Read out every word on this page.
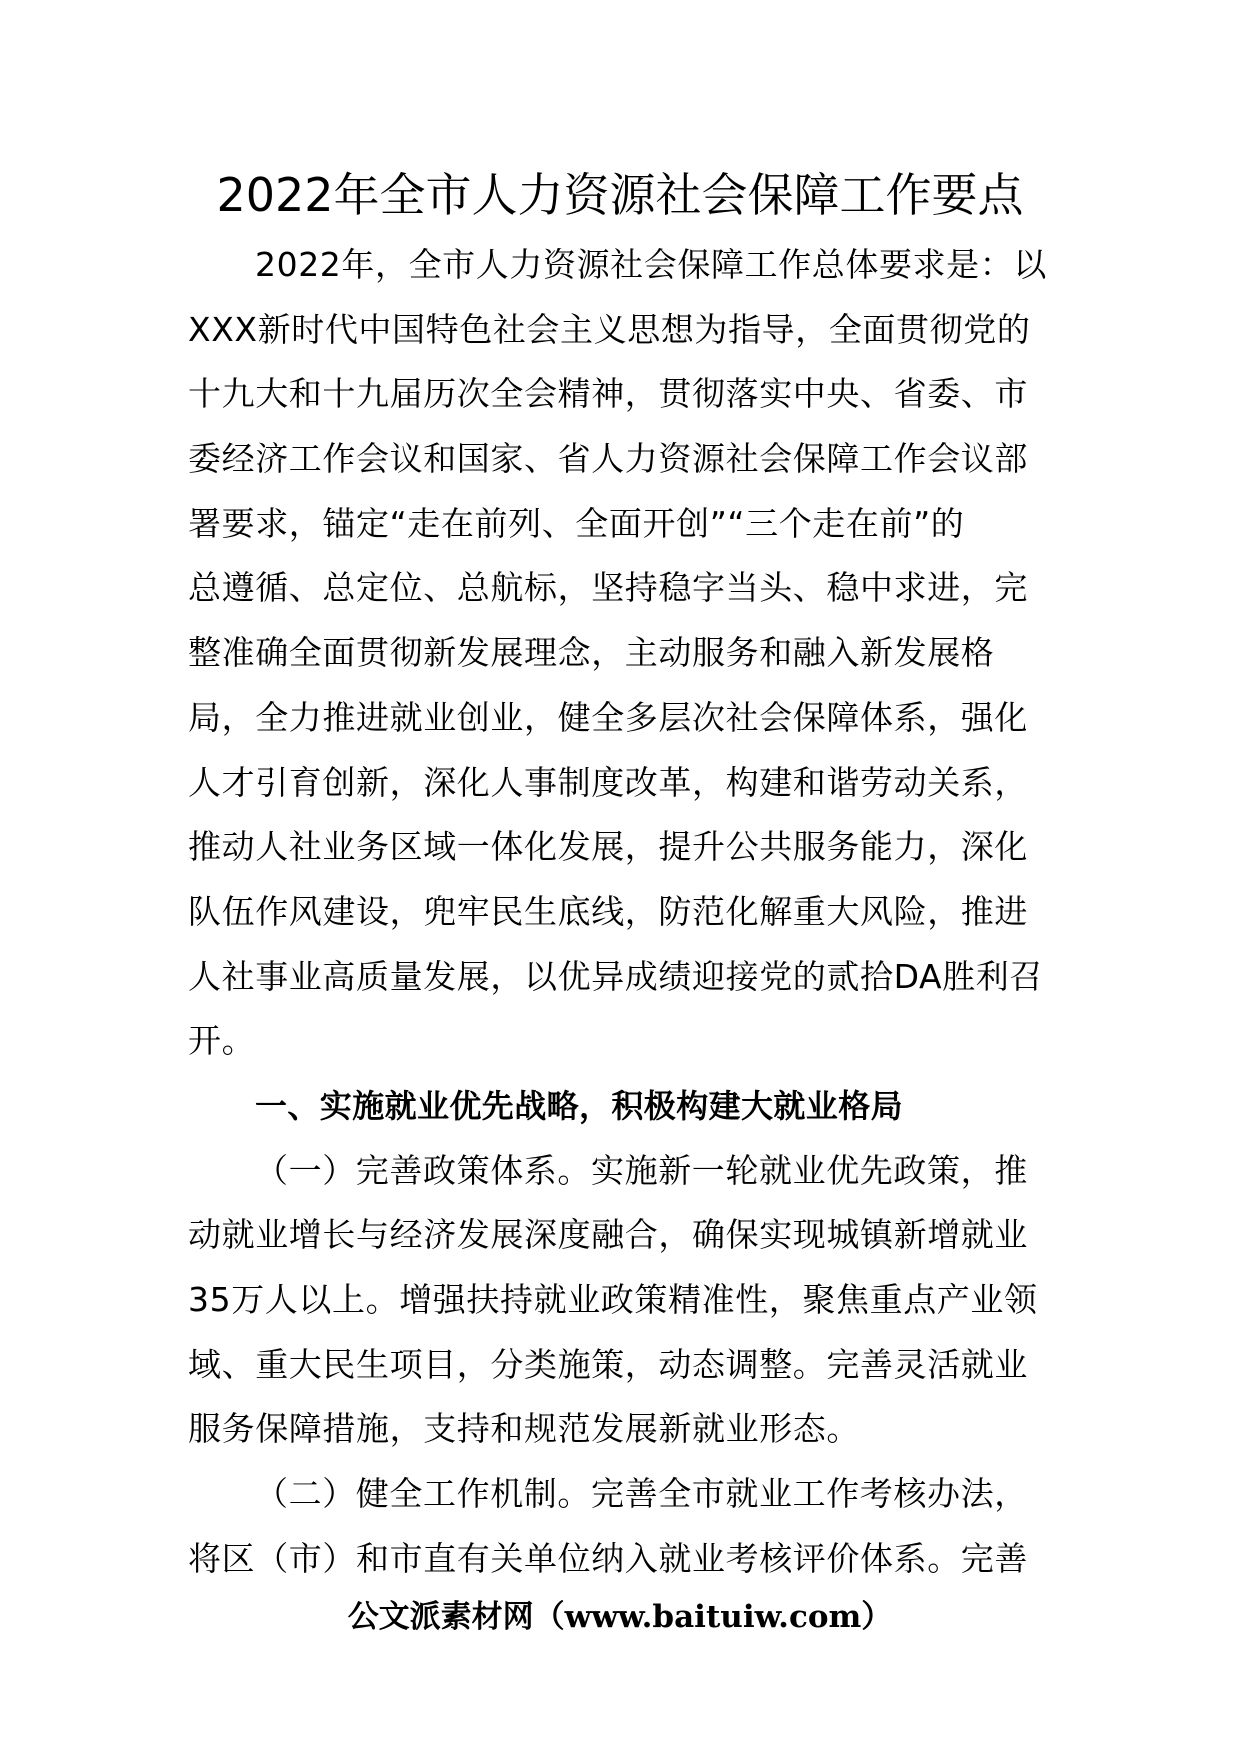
2022年全市人力资源社会保障工作要点
2022年，全市人力资源社会保障工作总体要求是：以
XXX新时代中国特色社会主义思想为指导，全面贯彻党的
十九大和十九届历次全会精神，贯彻落实中央、省委、市
委经济工作会议和国家、省人力资源社会保障工作会议部
署要求，锚定“走在前列、全面开创”“三个走在前”的
总遵循、总定位、总航标，坚持稳字当头、稳中求进，完
整准确全面贯彻新发展理念，主动服务和融入新发展格
局，全力推进就业创业，健全多层次社会保障体系，强化
人才引育创新，深化人事制度改革，构建和谐劳动关系，
推动人社业务区域一体化发展，提升公共服务能力，深化
队伍作风建设，兜牢民生底线，防范化解重大风险，推进
人社事业高质量发展，以优异成绩迎接党的贰拾DA胜利召
开。
一、实施就业优先战略，积极构建大就业格局
（一）完善政策体系。实施新一轮就业优先政策，推
动就业增长与经济发展深度融合，确保实现城镇新增就业
35万人以上。增强扶持就业政策精准性，聚焦重点产业领
域、重大民生项目，分类施策，动态调整。完善灵活就业
服务保障措施，支持和规范发展新就业形态。
（二）健全工作机制。完善全市就业工作考核办法，
将区（市）和市直有关单位纳入就业考核评价体系。完善
公文派素材网（www.baituiw.com）
